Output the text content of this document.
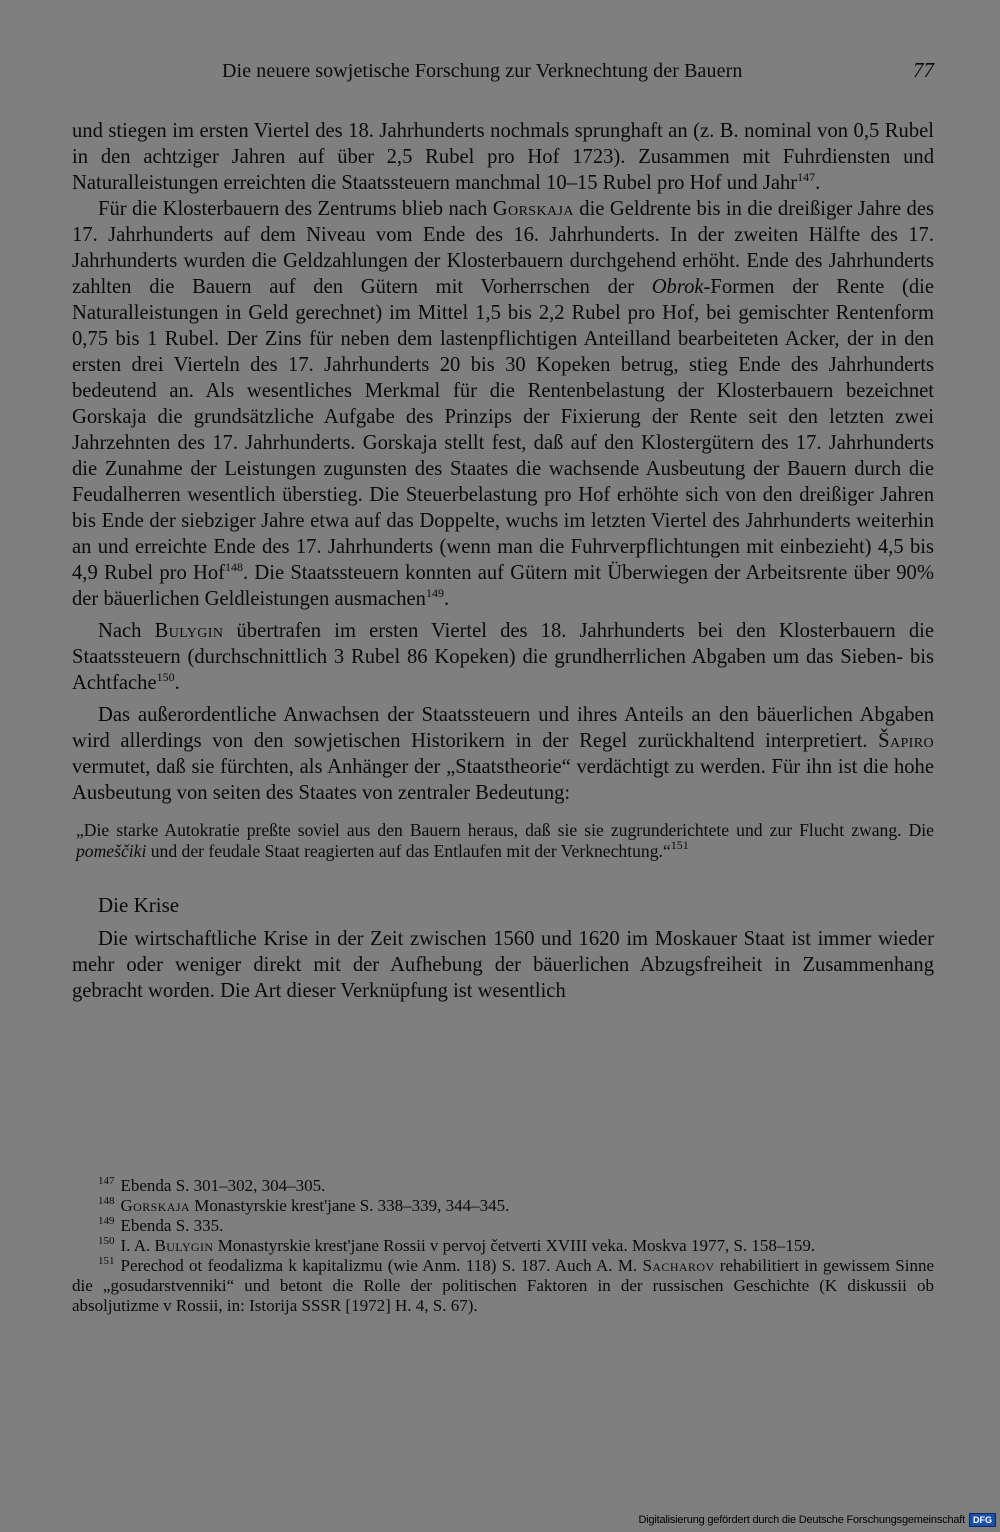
Die neuere sowjetische Forschung zur Verknechtung der Bauern	77

und stiegen im ersten Viertel des 18. Jahrhunderts nochmals sprunghaft an (z. B. nominal von 0,5 Rubel in den achtziger Jahren auf über 2,5 Rubel pro Hof 1723). Zusammen mit Fuhrdiensten und Naturalleistungen erreichten die Staatssteuern manchmal 10–15 Rubel pro Hof und Jahr$^{147}$.

Für die Klosterbauern des Zentrums blieb nach Gorskaja die Geldrente bis in die dreißiger Jahre des 17. Jahrhunderts auf dem Niveau vom Ende des 16. Jahrhunderts. In der zweiten Hälfte des 17. Jahrhunderts wurden die Geldzahlungen der Klosterbauern durchgehend erhöht. Ende des Jahrhunderts zahlten die Bauern auf den Gütern mit Vorherrschen der Obrok-Formen der Rente (die Naturalleistungen in Geld gerechnet) im Mittel 1,5 bis 2,2 Rubel pro Hof, bei gemischter Rentenform 0,75 bis 1 Rubel. Der Zins für neben dem lastenpflichtigen Anteilland bearbeiteten Acker, der in den ersten drei Vierteln des 17. Jahrhunderts 20 bis 30 Kopeken betrug, stieg Ende des Jahrhunderts bedeutend an. Als wesentliches Merkmal für die Rentenbelastung der Klosterbauern bezeichnet Gorskaja die grundsätzliche Aufgabe des Prinzips der Fixierung der Rente seit den letzten zwei Jahrzehnten des 17. Jahrhunderts. Gorskaja stellt fest, daß auf den Klostergütern des 17. Jahrhunderts die Zunahme der Leistungen zugunsten des Staates die wachsende Ausbeutung der Bauern durch die Feudalherren wesentlich überstieg. Die Steuerbelastung pro Hof erhöhte sich von den dreißiger Jahren bis Ende der siebziger Jahre etwa auf das Doppelte, wuchs im letzten Viertel des Jahrhunderts weiterhin an und erreichte Ende des 17. Jahrhunderts (wenn man die Fuhrverpflichtungen mit einbezieht) 4,5 bis 4,9 Rubel pro Hof$^{148}$. Die Staatssteuern konnten auf Gütern mit Überwiegen der Arbeitsrente über 90% der bäuerlichen Geldleistungen ausmachen$^{149}$.

Nach Bulygin übertrafen im ersten Viertel des 18. Jahrhunderts bei den Klosterbauern die Staatssteuern (durchschnittlich 3 Rubel 86 Kopeken) die grundherrlichen Abgaben um das Sieben- bis Achtfache$^{150}$.

Das außerordentliche Anwachsen der Staatssteuern und ihres Anteils an den bäuerlichen Abgaben wird allerdings von den sowjetischen Historikern in der Regel zurückhaltend interpretiert. Šapiro vermutet, daß sie fürchten, als Anhänger der „Staatstheorie“ verdächtigt zu werden. Für ihn ist die hohe Ausbeutung von seiten des Staates von zentraler Bedeutung:

„Die starke Autokratie preßte soviel aus den Bauern heraus, daß sie sie zugrunderichtete und zur Flucht zwang. Die pomeščiki und der feudale Staat reagierten auf das Entlaufen mit der Verknechtung.“$^{151}$

Die Krise

Die wirtschaftliche Krise in der Zeit zwischen 1560 und 1620 im Moskauer Staat ist immer wieder mehr oder weniger direkt mit der Aufhebung der bäuerlichen Abzugsfreiheit in Zusammenhang gebracht worden. Die Art dieser Verknüpfung ist wesentlich

$^{147}$ Ebenda S. 301–302, 304–305.

$^{148}$ Gorskaja Monastyrskie krest'jane S. 338–339, 344–345.

$^{149}$ Ebenda S. 335.

$^{150}$ I. A. Bulygin Monastyrskie krest'jane Rossii v pervoj četverti XVIII veka. Moskva 1977, S. 158–159.

$^{151}$ Perechod ot feodalizma k kapitalizmu (wie Anm. 118) S. 187. Auch A. M. Sacharov rehabilitiert in gewissem Sinne die „gosudarstvenniki“ und betont die Rolle der politischen Faktoren in der russischen Geschichte (K diskussii ob absoljutizme v Rossii, in: Istorija SSSR [1972] H. 4, S. 67).

Digitalisierung gefördert durch die Deutsche Forschungsgemeinschaft DFG
